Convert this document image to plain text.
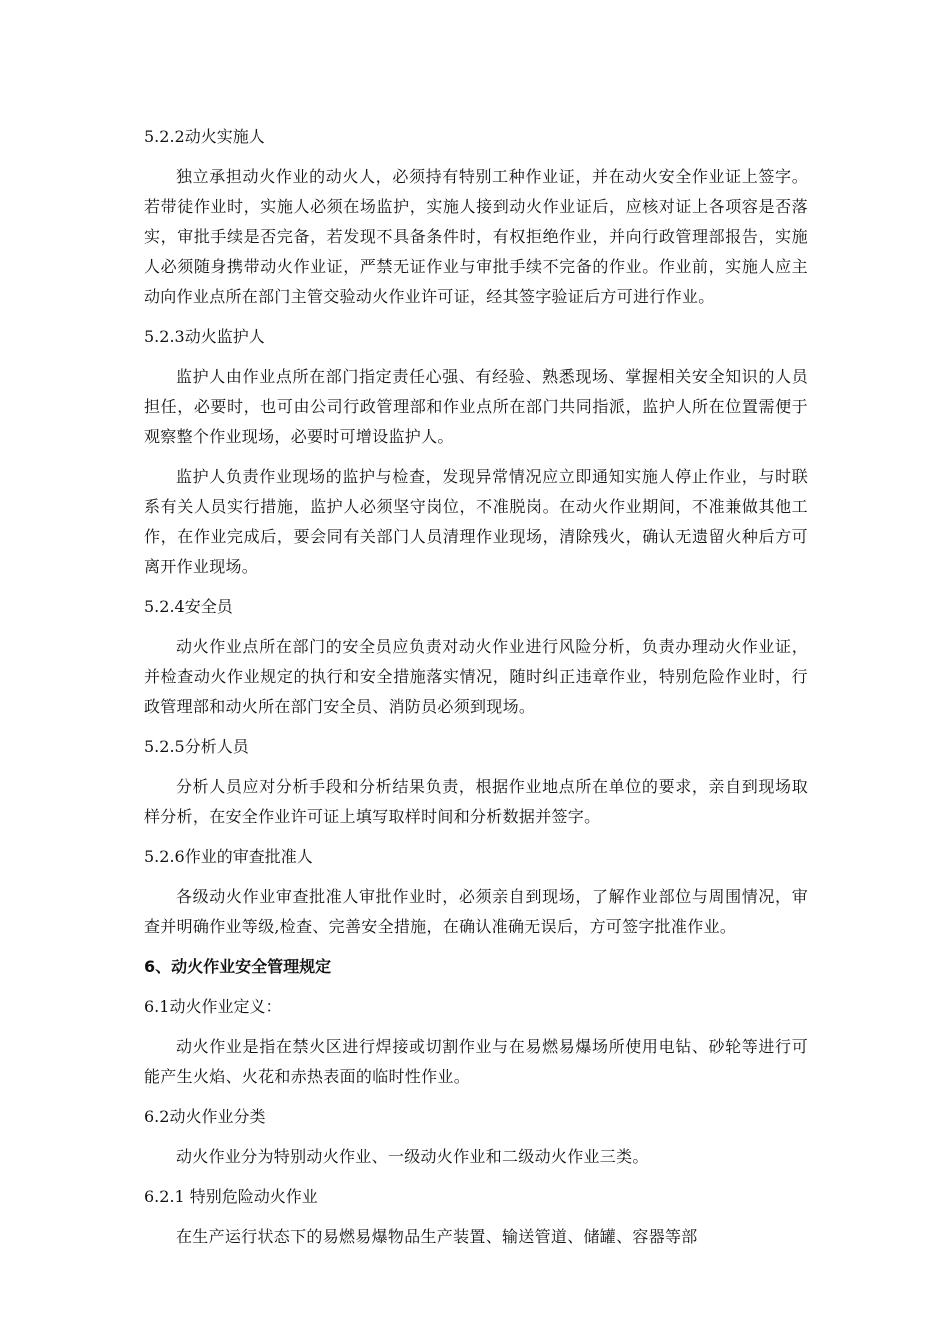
5.2.2动火实施人
独立承担动火作业的动火人，必须持有特别工种作业证，并在动火安全作业证上签字。若带徒作业时，实施人必须在场监护，实施人接到动火作业证后，应核对证上各项容是否落实，审批手续是否完备，若发现不具备条件时，有权拒绝作业，并向行政管理部报告，实施人必须随身携带动火作业证，严禁无证作业与审批手续不完备的作业。作业前，实施人应主动向作业点所在部门主管交验动火作业许可证，经其签字验证后方可进行作业。
5.2.3动火监护人
监护人由作业点所在部门指定责任心强、有经验、熟悉现场、掌握相关安全知识的人员担任，必要时，也可由公司行政管理部和作业点所在部门共同指派，监护人所在位置需便于观察整个作业现场，必要时可增设监护人。
监护人负责作业现场的监护与检查，发现异常情况应立即通知实施人停止作业，与时联系有关人员实行措施，监护人必须坚守岗位，不准脱岗。在动火作业期间，不准兼做其他工作，在作业完成后，要会同有关部门人员清理作业现场，清除残火，确认无遗留火种后方可离开作业现场。
5.2.4安全员
动火作业点所在部门的安全员应负责对动火作业进行风险分析，负责办理动火作业证，并检查动火作业规定的执行和安全措施落实情况，随时纠正违章作业，特别危险作业时，行政管理部和动火所在部门安全员、消防员必须到现场。
5.2.5分析人员
分析人员应对分析手段和分析结果负责，根据作业地点所在单位的要求，亲自到现场取样分析，在安全作业许可证上填写取样时间和分析数据并签字。
5.2.6作业的审查批准人
各级动火作业审查批准人审批作业时，必须亲自到现场，了解作业部位与周围情况，审查并明确作业等级,检查、完善安全措施，在确认准确无误后，方可签字批准作业。
6、动火作业安全管理规定
6.1动火作业定义：
动火作业是指在禁火区进行焊接或切割作业与在易燃易爆场所使用电钻、砂轮等进行可能产生火焰、火花和赤热表面的临时性作业。
6.2动火作业分类
动火作业分为特别动火作业、一级动火作业和二级动火作业三类。
6.2.1 特别危险动火作业
在生产运行状态下的易燃易爆物品生产装置、输送管道、储罐、容器等部
